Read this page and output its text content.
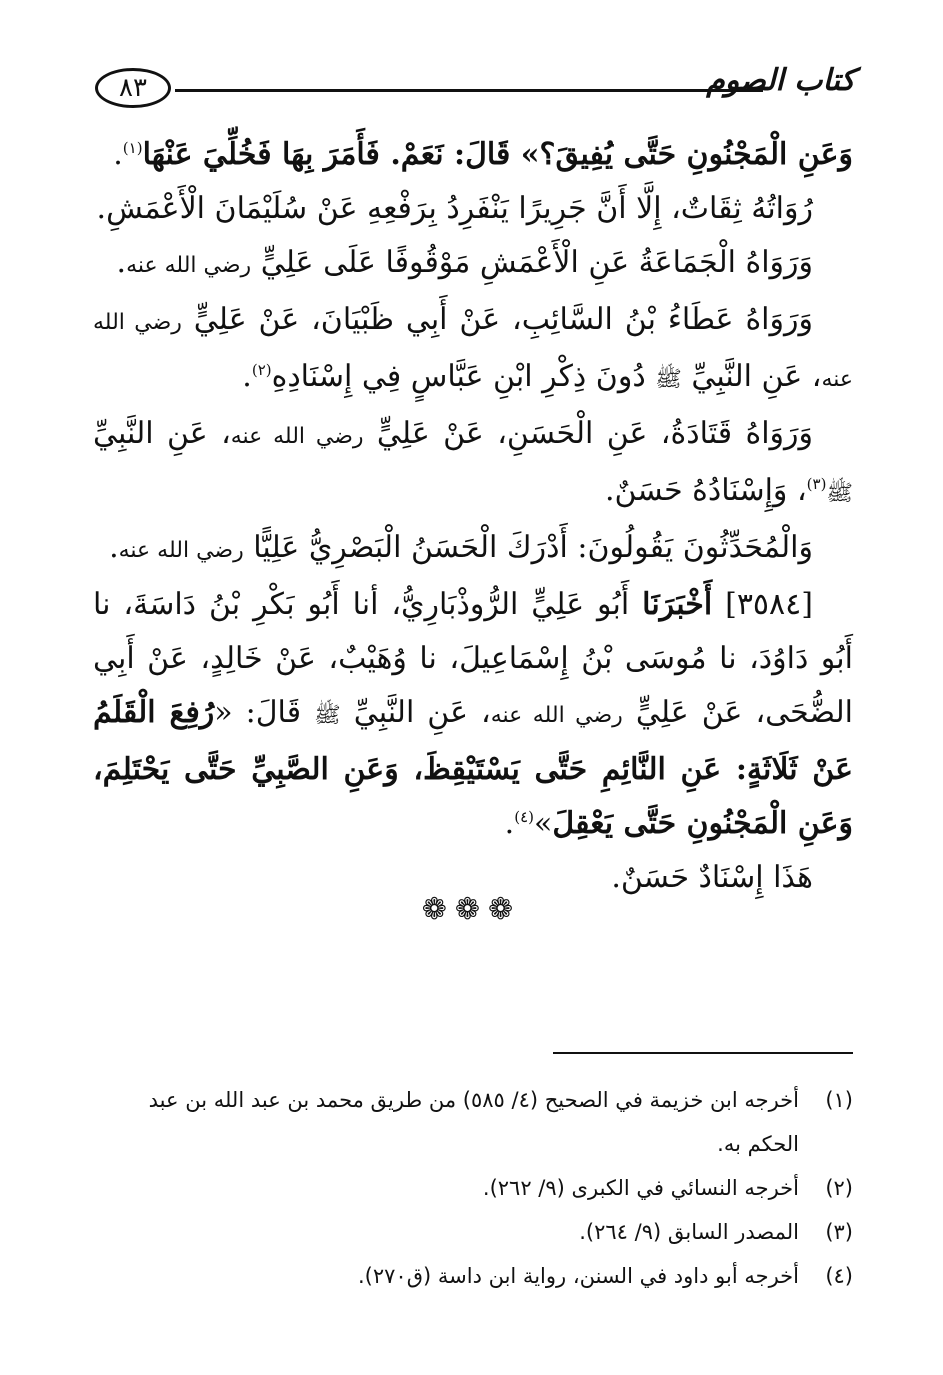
كتاب الصوم
٨٣

وَعَنِ الْمَجْنُونِ حَتَّى يُفِيقَ؟» قَالَ: نَعَمْ. فَأَمَرَ بِهَا فَخُلِّيَ عَنْهَا$^{(١)}$.

رُوَاتُهُ ثِقَاتٌ، إِلَّا أَنَّ جَرِيرًا يَنْفَرِدُ بِرَفْعِهِ عَنْ سُلَيْمَانَ الْأَعْمَشِ.

وَرَوَاهُ الْجَمَاعَةُ عَنِ الْأَعْمَشِ مَوْقُوفًا عَلَى عَلِيٍّ رضي الله عنه.

وَرَوَاهُ عَطَاءُ بْنُ السَّائِبِ، عَنْ أَبِي ظَبْيَانَ، عَنْ عَلِيٍّ رضي الله عنه، عَنِ النَّبِيِّ ﷺ دُونَ ذِكْرِ ابْنِ عَبَّاسٍ فِي إِسْنَادِهِ$^{(٢)}$.

وَرَوَاهُ قَتَادَةُ، عَنِ الْحَسَنِ، عَنْ عَلِيٍّ رضي الله عنه، عَنِ النَّبِيِّ ﷺ$^{(٣)}$، وَإِسْنَادُهُ حَسَنٌ.

وَالْمُحَدِّثُونَ يَقُولُونَ: أَدْرَكَ الْحَسَنُ الْبَصْرِيُّ عَلِيًّا رضي الله عنه.

[٣٥٨٤] أَخْبَرَنَا أَبُو عَلِيٍّ الرُّوذْبَارِيُّ، أنا أَبُو بَكْرِ بْنُ دَاسَةَ، نا أَبُو دَاوُدَ، نا مُوسَى بْنُ إِسْمَاعِيلَ، نا وُهَيْبٌ، عَنْ خَالِدٍ، عَنْ أَبِي الضُّحَى، عَنْ عَلِيٍّ رضي الله عنه، عَنِ النَّبِيِّ ﷺ قَالَ: «رُفِعَ الْقَلَمُ عَنْ ثَلَاثَةٍ: عَنِ النَّائِمِ حَتَّى يَسْتَيْقِظَ، وَعَنِ الصَّبِيِّ حَتَّى يَحْتَلِمَ، وَعَنِ الْمَجْنُونِ حَتَّى يَعْقِلَ»$^{(٤)}$.

هَذَا إِسْنَادٌ حَسَنٌ.

❁❁❁

(١)
أخرجه ابن خزيمة في الصحيح (٤/ ٥٨٥) من طريق محمد بن عبد الله بن عبد الحكم به.

(٢)
أخرجه النسائي في الكبرى (٩/ ٢٦٢).

(٣)
المصدر السابق (٩/ ٢٦٤).

(٤)
أخرجه أبو داود في السنن، رواية ابن داسة (ق٢٧٠).
